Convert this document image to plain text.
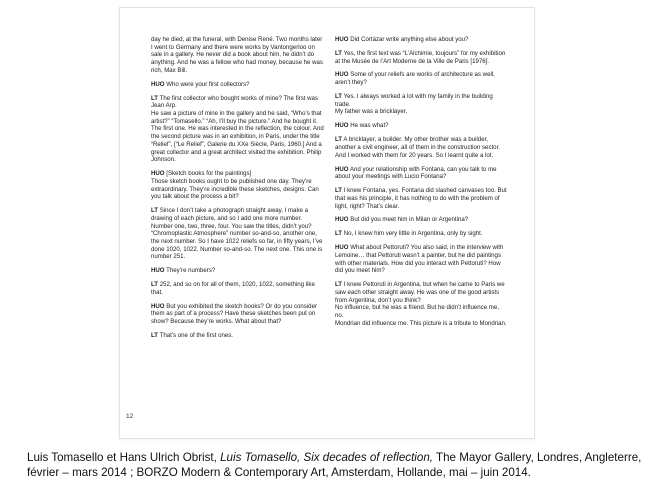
day he died, at the funeral, with Denise René. Two months later I went to Germany and there were works by Vantongerloo on sale in a gallery. He never did a book about him, he didn’t do anything. And he was a fellow who had money, because he was rich, Max Bill.

HUO Who were your first collectors?

LT The first collector who bought works of mine? The first was Jean Arp.
He saw a picture of mine in the gallery and he said, “Who’s that artist?” “Tomasello.” “Ah, I’ll buy the picture.” And he bought it. The first one. He was interested in the reflection, the colour. And the second picture was in an exhibition, in Paris, under the title “Relief”, [“Le Relief”, Galerie du XXe Siècle, Paris, 1960.] And a great collector and a great architect visited the exhibition. Philip Johnson.

HUO [Sketch books for the paintings]
Those sketch books ought to be published one day. They’re extraordinary. They’re incredible these sketches, designs. Can you talk about the process a bit?

LT Since I don’t take a photograph straight away, I make a drawing of each picture, and so I add one more number. Number one, two, three, four. You saw the titles, didn’t you? “Chromoplastic Atmosphere” number so-and-so, another one, the next number. So I have 1022 reliefs so far, in fifty years, I’ve done 1020, 1022. Number so-and-so. The next one. This one is number 251.

HUO They’re numbers?

LT 252, and so on for all of them, 1020, 1022, something like that.

HUO But you exhibited the sketch books? Or do you consider them as part of a process? Have these sketches been put on show? Because they’re works. What about that?

LT That’s one of the first ones.

HUO Did Cortázar write anything else about you?

LT Yes, the first text was “L’Alchimie, toujours” for my exhibition at the Musée de l’Art Moderne de la Ville de Paris [1976].

HUO Some of your reliefs are works of architecture as well, aren’t they?

LT Yes. I always worked a lot with my family in the building trade.
My father was a bricklayer.

HUO He was what?

LT A bricklayer, a builder. My other brother was a builder, another a civil engineer, all of them in the construction sector. And I worked with them for 20 years. So I learnt quite a lot.

HUO And your relationship with Fontana, can you talk to me about your meetings with Lucio Fontana?

LT I knew Fontana, yes. Fontana did slashed canvases too. But that was his principle, it has nothing to do with the problem of light, right? That’s clear.

HUO But did you meet him in Milan or Argentina?

LT No, I knew him very little in Argentina, only by sight.

HUO What about Pettoruti? You also said, in the interview with Lemoine… that Pettoruti wasn’t a painter, but he did paintings with other materials. How did you interact with Pettoruti? How did you meet him?

LT I knew Pettoruti in Argentina, but when he came to Paris we saw each other straight away. He was one of the good artists from Argentina, don’t you think?
No influence, but he was a friend. But he didn’t influence me, no.
Mondrian did influence me. This picture is a tribute to Mondrian.

12
Luis Tomasello et Hans Ulrich Obrist, Luis Tomasello, Six decades of reflection, The Mayor Gallery, Londres, Angleterre, février – mars 2014 ; BORZO Modern & Contemporary Art, Amsterdam, Hollande, mai – juin 2014.
